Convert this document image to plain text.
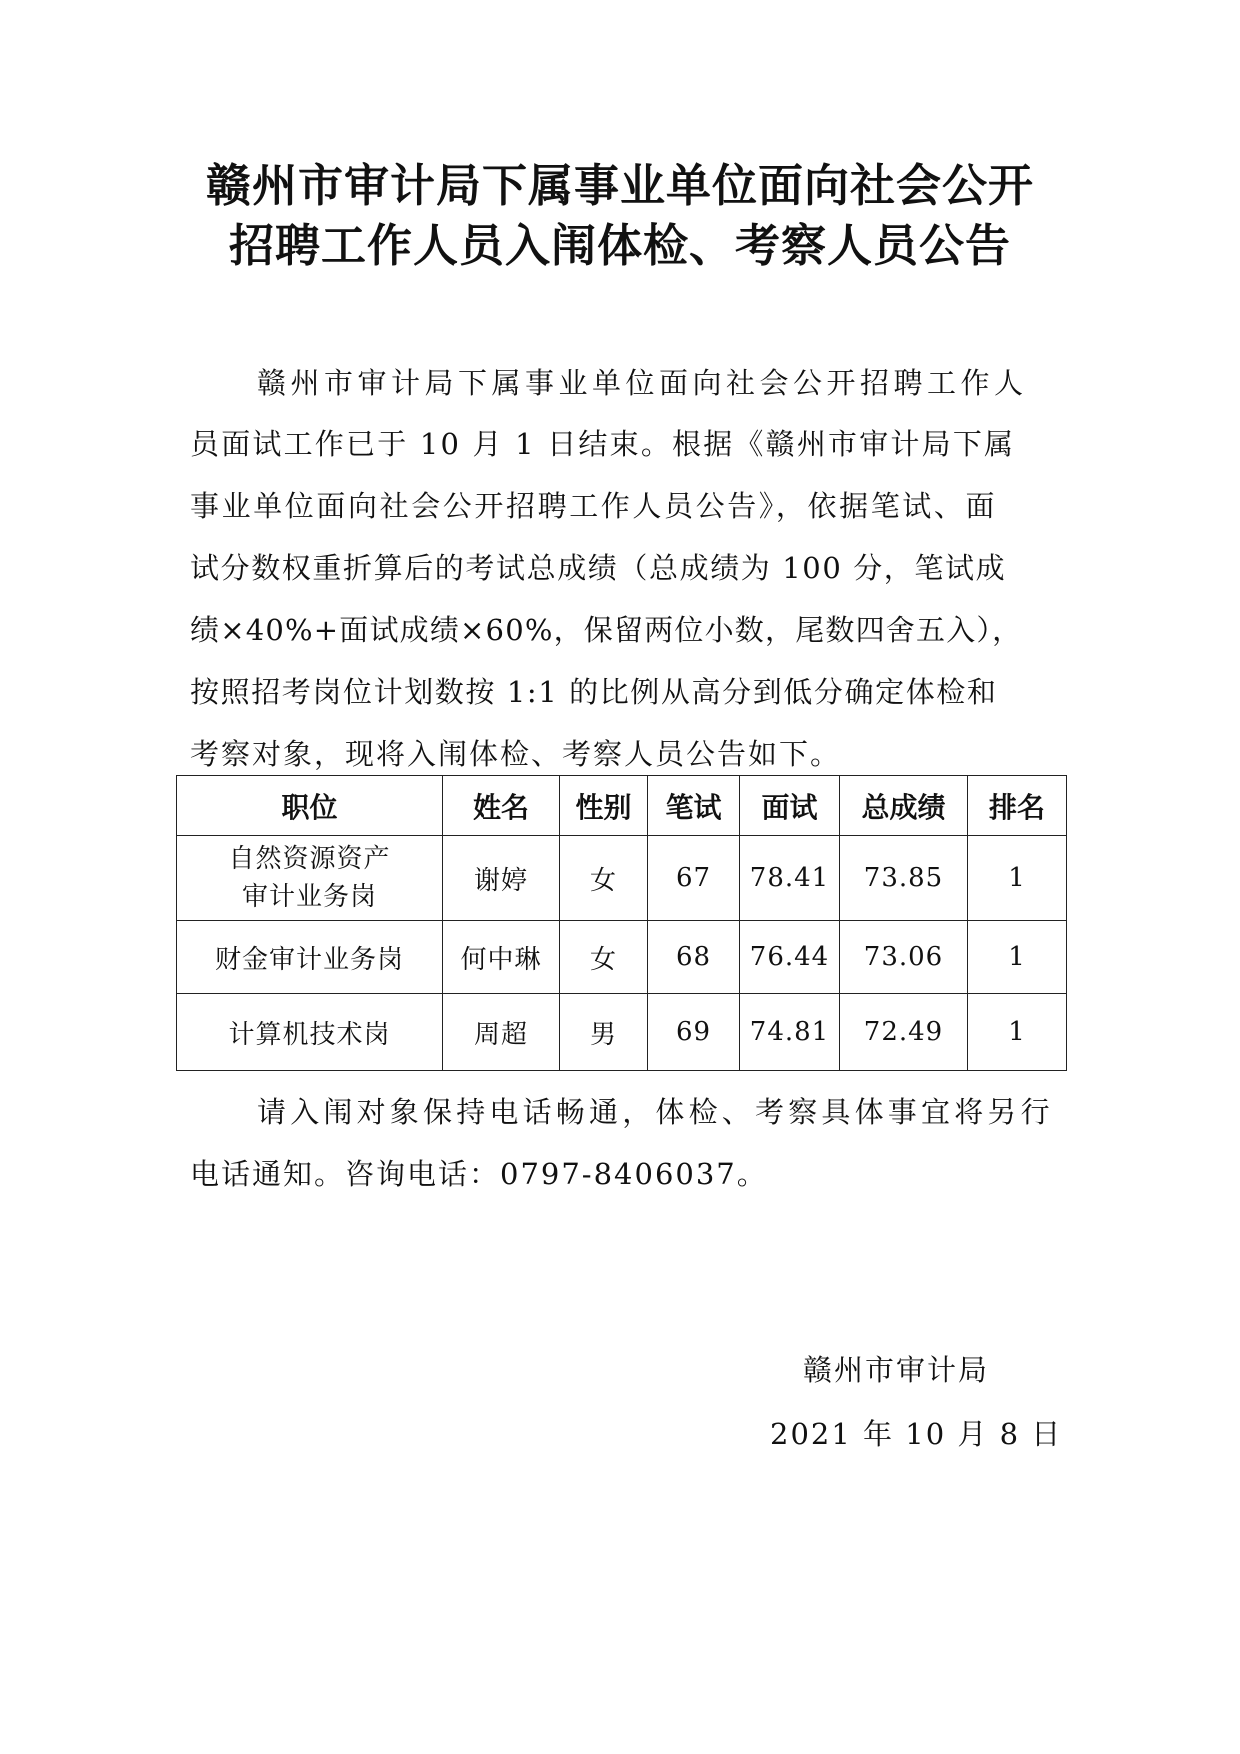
赣州市审计局下属事业单位面向社会公开
招聘工作人员入闱体检、考察人员公告
赣州市审计局下属事业单位面向社会公开招聘工作人
员面试工作已于 10 月 1 日结束。根据《赣州市审计局下属
事业单位面向社会公开招聘工作人员公告》，依据笔试、面
试分数权重折算后的考试总成绩（总成绩为 100 分，笔试成
绩×40%+面试成绩×60%，保留两位小数，尾数四舍五入），
按照招考岗位计划数按 1:1 的比例从高分到低分确定体检和
考察对象，现将入闱体检、考察人员公告如下。
职位	姓名	性别	笔试	面试	总成绩	排名

自然资源资产
审计业务岗	谢婷	女	67	78.41	73.85	1
财金审计业务岗	何中琳	女	68	76.44	73.06	1
计算机技术岗	周超	男	69	74.81	72.49	1
请入闱对象保持电话畅通，体检、考察具体事宜将另行
电话通知。咨询电话：0797-8406037。
赣州市审计局
2021 年 10 月 8 日
